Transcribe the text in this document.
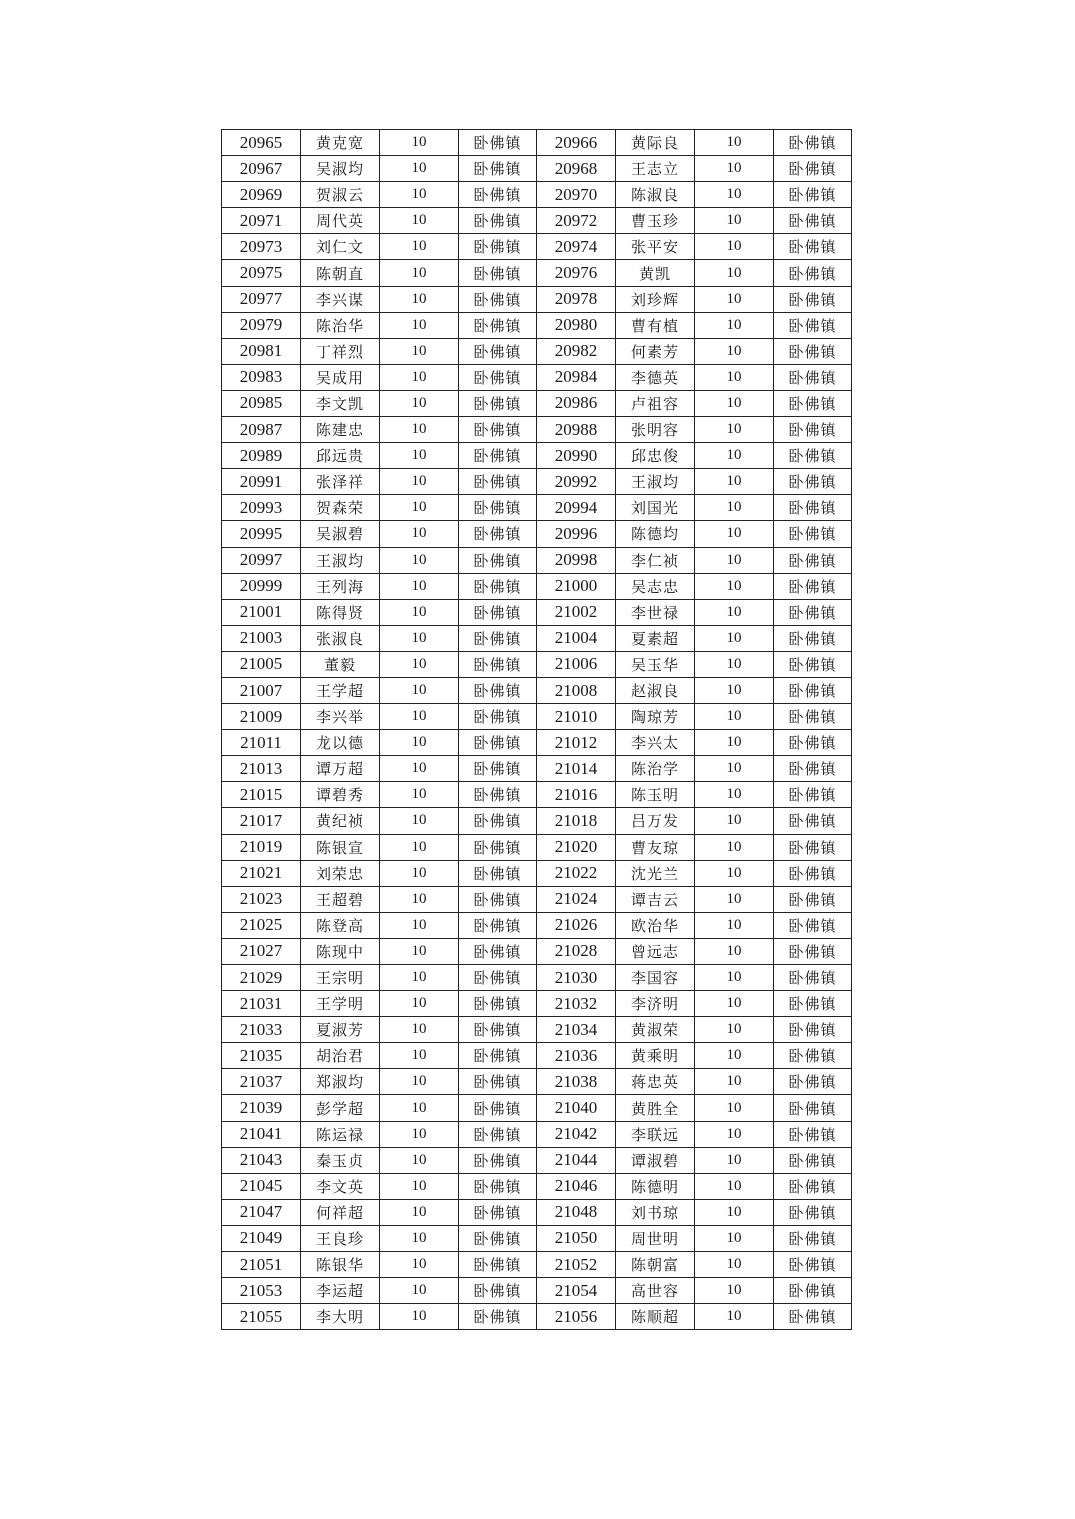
20965	黄克宽	10	卧佛镇	20966	黄际良	10	卧佛镇
20967	吴淑均	10	卧佛镇	20968	王志立	10	卧佛镇
20969	贺淑云	10	卧佛镇	20970	陈淑良	10	卧佛镇
20971	周代英	10	卧佛镇	20972	曹玉珍	10	卧佛镇
20973	刘仁文	10	卧佛镇	20974	张平安	10	卧佛镇
20975	陈朝直	10	卧佛镇	20976	黄凯	10	卧佛镇
20977	李兴谋	10	卧佛镇	20978	刘珍辉	10	卧佛镇
20979	陈治华	10	卧佛镇	20980	曹有植	10	卧佛镇
20981	丁祥烈	10	卧佛镇	20982	何素芳	10	卧佛镇
20983	吴成用	10	卧佛镇	20984	李德英	10	卧佛镇
20985	李文凯	10	卧佛镇	20986	卢祖容	10	卧佛镇
20987	陈建忠	10	卧佛镇	20988	张明容	10	卧佛镇
20989	邱远贵	10	卧佛镇	20990	邱忠俊	10	卧佛镇
20991	张泽祥	10	卧佛镇	20992	王淑均	10	卧佛镇
20993	贺森荣	10	卧佛镇	20994	刘国光	10	卧佛镇
20995	吴淑碧	10	卧佛镇	20996	陈德均	10	卧佛镇
20997	王淑均	10	卧佛镇	20998	李仁祯	10	卧佛镇
20999	王列海	10	卧佛镇	21000	吴志忠	10	卧佛镇
21001	陈得贤	10	卧佛镇	21002	李世禄	10	卧佛镇
21003	张淑良	10	卧佛镇	21004	夏素超	10	卧佛镇
21005	董毅	10	卧佛镇	21006	吴玉华	10	卧佛镇
21007	王学超	10	卧佛镇	21008	赵淑良	10	卧佛镇
21009	李兴举	10	卧佛镇	21010	陶琼芳	10	卧佛镇
21011	龙以德	10	卧佛镇	21012	李兴太	10	卧佛镇
21013	谭万超	10	卧佛镇	21014	陈治学	10	卧佛镇
21015	谭碧秀	10	卧佛镇	21016	陈玉明	10	卧佛镇
21017	黄纪祯	10	卧佛镇	21018	吕万发	10	卧佛镇
21019	陈银宣	10	卧佛镇	21020	曹友琼	10	卧佛镇
21021	刘荣忠	10	卧佛镇	21022	沈光兰	10	卧佛镇
21023	王超碧	10	卧佛镇	21024	谭吉云	10	卧佛镇
21025	陈登高	10	卧佛镇	21026	欧治华	10	卧佛镇
21027	陈现中	10	卧佛镇	21028	曾远志	10	卧佛镇
21029	王宗明	10	卧佛镇	21030	李国容	10	卧佛镇
21031	王学明	10	卧佛镇	21032	李济明	10	卧佛镇
21033	夏淑芳	10	卧佛镇	21034	黄淑荣	10	卧佛镇
21035	胡治君	10	卧佛镇	21036	黄乘明	10	卧佛镇
21037	郑淑均	10	卧佛镇	21038	蒋忠英	10	卧佛镇
21039	彭学超	10	卧佛镇	21040	黄胜全	10	卧佛镇
21041	陈运禄	10	卧佛镇	21042	李联远	10	卧佛镇
21043	秦玉贞	10	卧佛镇	21044	谭淑碧	10	卧佛镇
21045	李文英	10	卧佛镇	21046	陈德明	10	卧佛镇
21047	何祥超	10	卧佛镇	21048	刘书琼	10	卧佛镇
21049	王良珍	10	卧佛镇	21050	周世明	10	卧佛镇
21051	陈银华	10	卧佛镇	21052	陈朝富	10	卧佛镇
21053	李运超	10	卧佛镇	21054	高世容	10	卧佛镇
21055	李大明	10	卧佛镇	21056	陈顺超	10	卧佛镇
